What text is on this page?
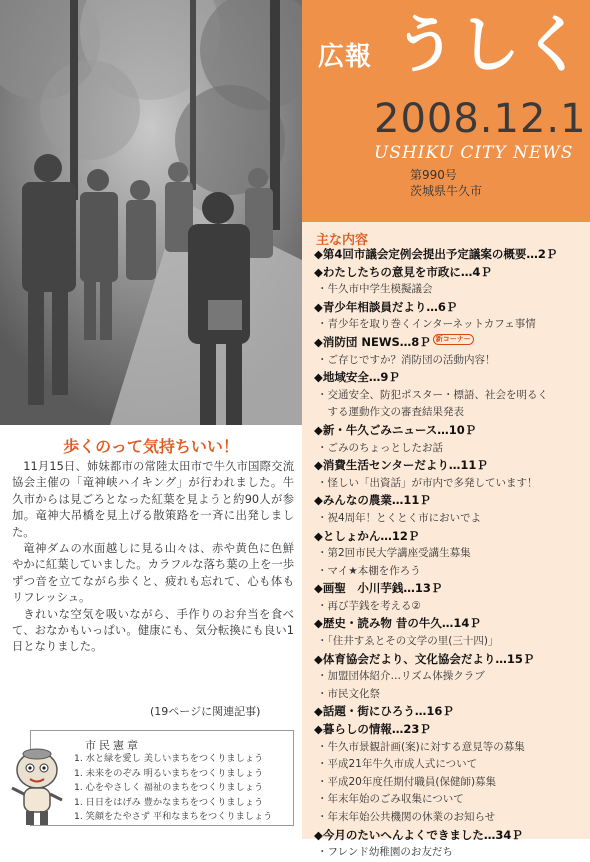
広報 うしく
2008.12.1
USHIKU CITY NEWS
第990号
茨城県牛久市
主な内容
◆第4回市議会定例会提出予定議案の概要…2Ｐ
◆わたしたちの意見を市政に…4Ｐ
・牛久市中学生模擬議会
◆青少年相談員だより…6Ｐ
・青少年を取り巻くインターネットカフェ事情
◆消防団 NEWS…8Ｐ 新コーナー
・ご存じですか？消防団の活動内容！
◆地域安全…9Ｐ
・交通安全、防犯ポスター・標語、社会を明るく
　する運動作文の審査結果発表
◆新・牛久ごみニュース…10Ｐ
・ごみのちょっとしたお話
◆消費生活センターだより…11Ｐ
・怪しい「出資話」が市内で多発しています！
◆みんなの農業…11Ｐ
・祝4周年！とくとく市においでよ
◆としょかん…12Ｐ
・第2回市民大学講座受講生募集
・マイ★本棚を作ろう
◆画聖　小川芋銭…13Ｐ
・再び芋銭を考える②
◆歴史・読み物 昔の牛久…14Ｐ
・「住井すゑとその文学の里(三十四)」
◆体育協会だより、文化協会だより…15Ｐ
・加盟団体紹介…リズム体操クラブ
・市民文化祭
◆話題・街にひろう…16Ｐ
◆暮らしの情報…23Ｐ
・牛久市景観計画(案)に対する意見等の募集
・平成21年牛久市成人式について
・平成20年度任期付職員(保健師)募集
・年末年始のごみ収集について
・年末年始公共機関の休業のお知らせ
◆今月のたいへんよくできました…34Ｐ
・フレンド幼稚園のお友だち
歩くのって気持ちいい！

11月15日、姉妹都市の常陸太田市で牛久市国際交流協会主催の「竜神峡ハイキング」が行われました。牛久市からは見ごろとなった紅葉を見ようと約90人が参加。竜神大吊橋を見上げる散策路を一斉に出発しました。

竜神ダムの水面越しに見る山々は、赤や黄色に色鮮やかに紅葉していました。カラフルな落ち葉の上を一歩ずつ音を立てながら歩くと、疲れも忘れて、心も体もリフレッシュ。

きれいな空気を吸いながら、手作りのお弁当を食べて、おなかもいっぱい。健康にも、気分転換にも良い1日となりました。

(19ページに関連記事)
市民憲章
1. 水と緑を愛し 美しいまちをつくりましょう
1. 未来をのぞみ 明るいまちをつくりましょう
1. 心をやさしく 福祉のまちをつくりましょう
1. 日日をはげみ 豊かなまちをつくりましょう
1. 笑顔をたやさず 平和なまちをつくりましょう
